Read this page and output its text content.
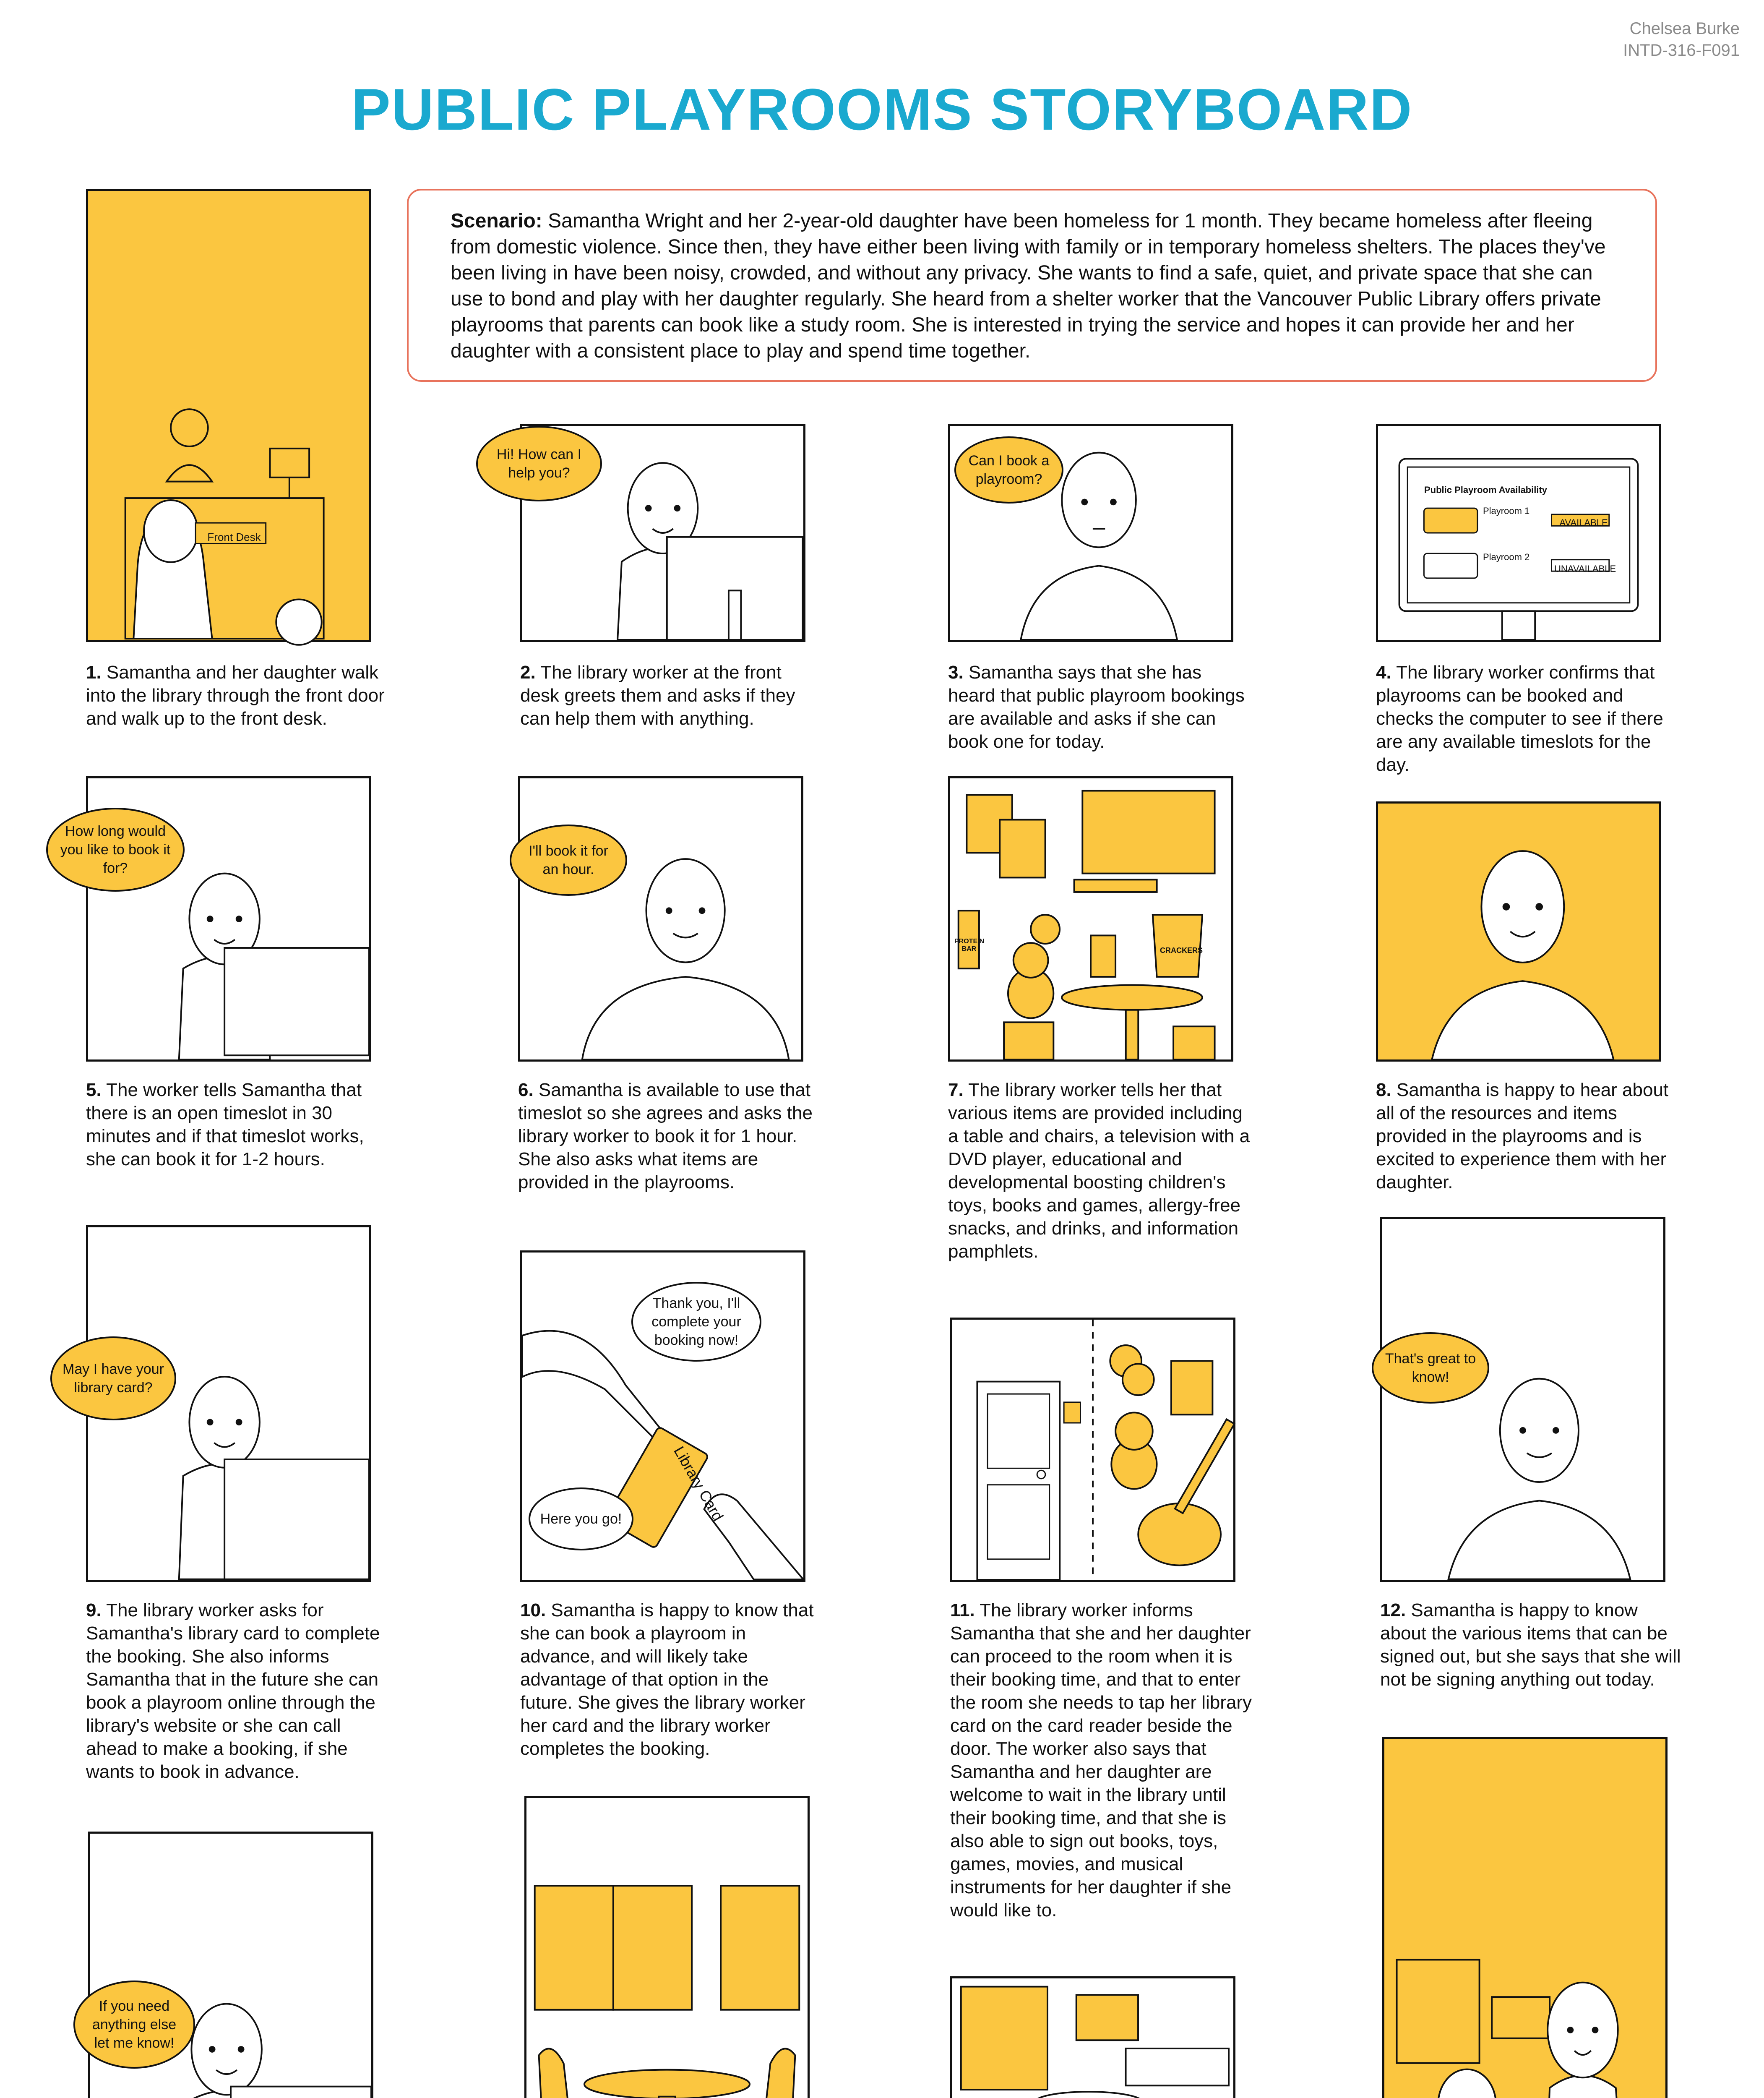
Chelsea Burke
INTD-316-F091
PUBLIC PLAYROOMS STORYBOARD
Scenario: Samantha Wright and her 2-year-old daughter have been homeless for 1 month. They became homeless after fleeing from domestic violence. Since then, they have either been living with family or in temporary homeless shelters. The places they've been living in have been noisy, crowded, and without any privacy. She wants to find a safe, quiet, and private space that she can use to bond and play with her daughter regularly. She heard from a shelter worker that the Vancouver Public Library offers private playrooms that parents can book like a study room. She is interested in trying the service and hopes it can provide her and her daughter with a consistent place to play and spend time together.
Front Desk
1. Samantha and her daughter walk into the library through the front door and walk up to the front desk.
Hi! How can I help you?
2. The library worker at the front desk greets them and asks if they can help them with anything.
Can I book a playroom?
3. Samantha says that she has heard that public playroom bookings are available and asks if she can book one for today.
Public Playroom Availability
Playroom 1
Playroom 2
AVAILABLE
UNAVAILABLE
4. The library worker confirms that playrooms can be booked and checks the computer to see if there are any available timeslots for the day.
How long would you like to book it for?
5. The worker tells Samantha that there is an open timeslot in 30 minutes and if that timeslot works, she can book it for 1-2 hours.
I'll book it for an hour.
6. Samantha is available to use that timeslot so she agrees and asks the library worker to book it for 1 hour. She also asks what items are provided in the playrooms.
CRACKERS
PROTEIN BAR
7. The library worker tells her that various items are provided including a table and chairs, a television with a DVD player, educational and developmental boosting children's toys, books and games, allergy-free snacks, and drinks, and information pamphlets.
8. Samantha is happy to hear about all of the resources and items provided in the playrooms and is excited to experience them with her daughter.
May I have your library card?
9. The library worker asks for Samantha's library card to complete the booking. She also informs Samantha that in the future she can book a playroom online through the library's website or she can call ahead to make a booking, if she wants to book in advance.
Library Card
Thank you, I'll complete your booking now!
Here you go!
10. Samantha is happy to know that she can book a playroom in advance, and will likely take advantage of that option in the future. She gives the library worker her card and the library worker completes the booking.
11. The library worker informs Samantha that she and her daughter can proceed to the room when it is their booking time, and that to enter the room she needs to tap her library card on the card reader beside the door. The worker also says that Samantha and her daughter are welcome to wait in the library until their booking time, and that she is also able to sign out books, toys, games, movies, and musical instruments for her daughter if she would like to.
That's great to know!
12. Samantha is happy to know about the various items that can be signed out, but she says that she will not be signing anything out today.
If you need anything else let me know!
